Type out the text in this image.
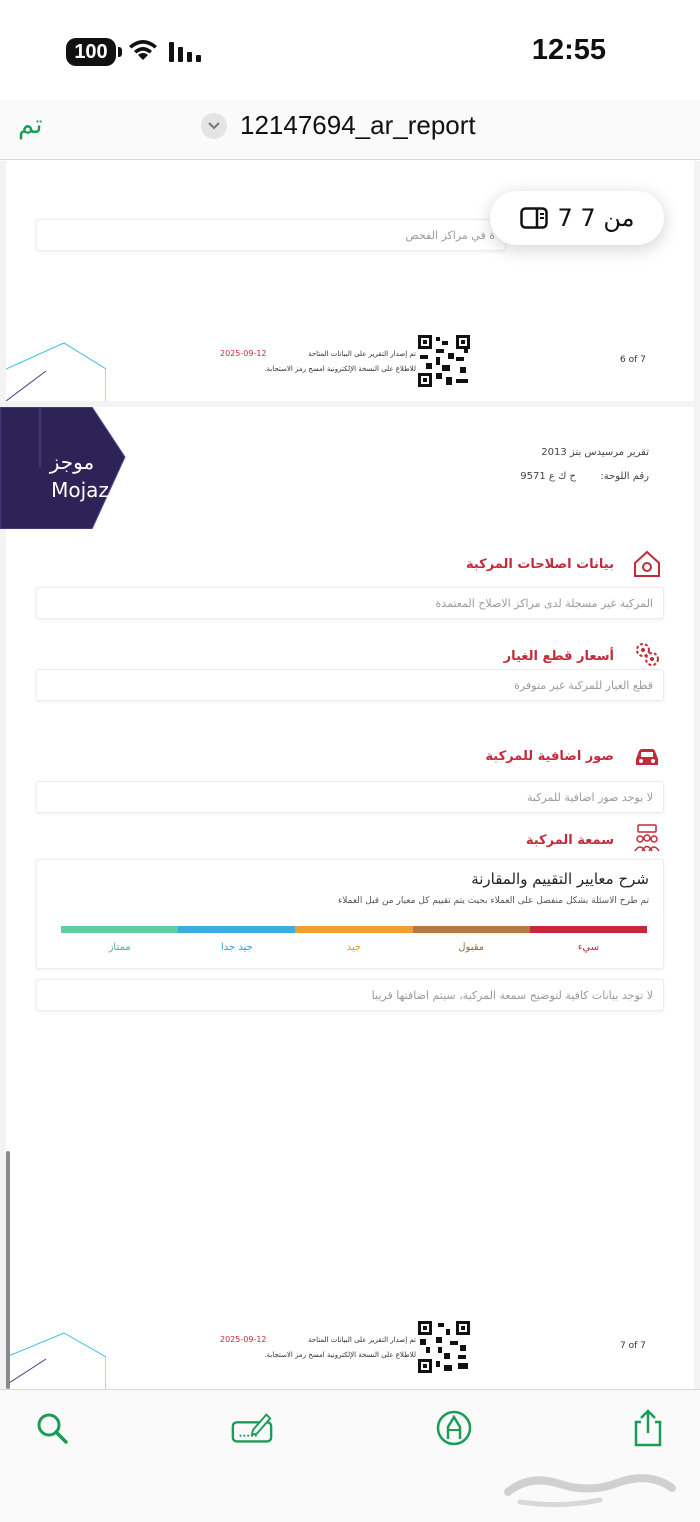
100	12:55
تم	12147694_ar_report
7 من 7
ة في مراكز الفحص
2025-09-12	تم إصدار التقرير على البيانات المتاحة
للاطلاع على النسخة الإلكترونية امسح رمز الاستجابة.
6 of 7
موجز
Mojaz
تقرير مرسيدس بنز 2013
رقم اللوحة:  ح ك ع 9571
بيانات اصلاحات المركبة
المركبة غير مسجلة لدى مراكز الاصلاح المعتمدة
أسعار قطع الغيار
قطع الغيار للمركبة غير متوفرة
صور اضافية للمركبة
لا يوجد صور اضافية للمركبة
سمعة المركبة
شرح معايير التقييم والمقارنة
تم طرح الاسئلة بشكل منفصل على العملاء بحيث يتم تقييم كل معيار من قبل العملاء
ممتاز	جيد جدا	جيد	مقبول	سيء
لا توجد بيانات كافية لتوضيح سمعة المركبة، سيتم اضافتها قريبا
2025-09-12	تم إصدار التقرير على البيانات المتاحة
للاطلاع على النسخة الإلكترونية امسح رمز الاستجابة.
7 of 7
